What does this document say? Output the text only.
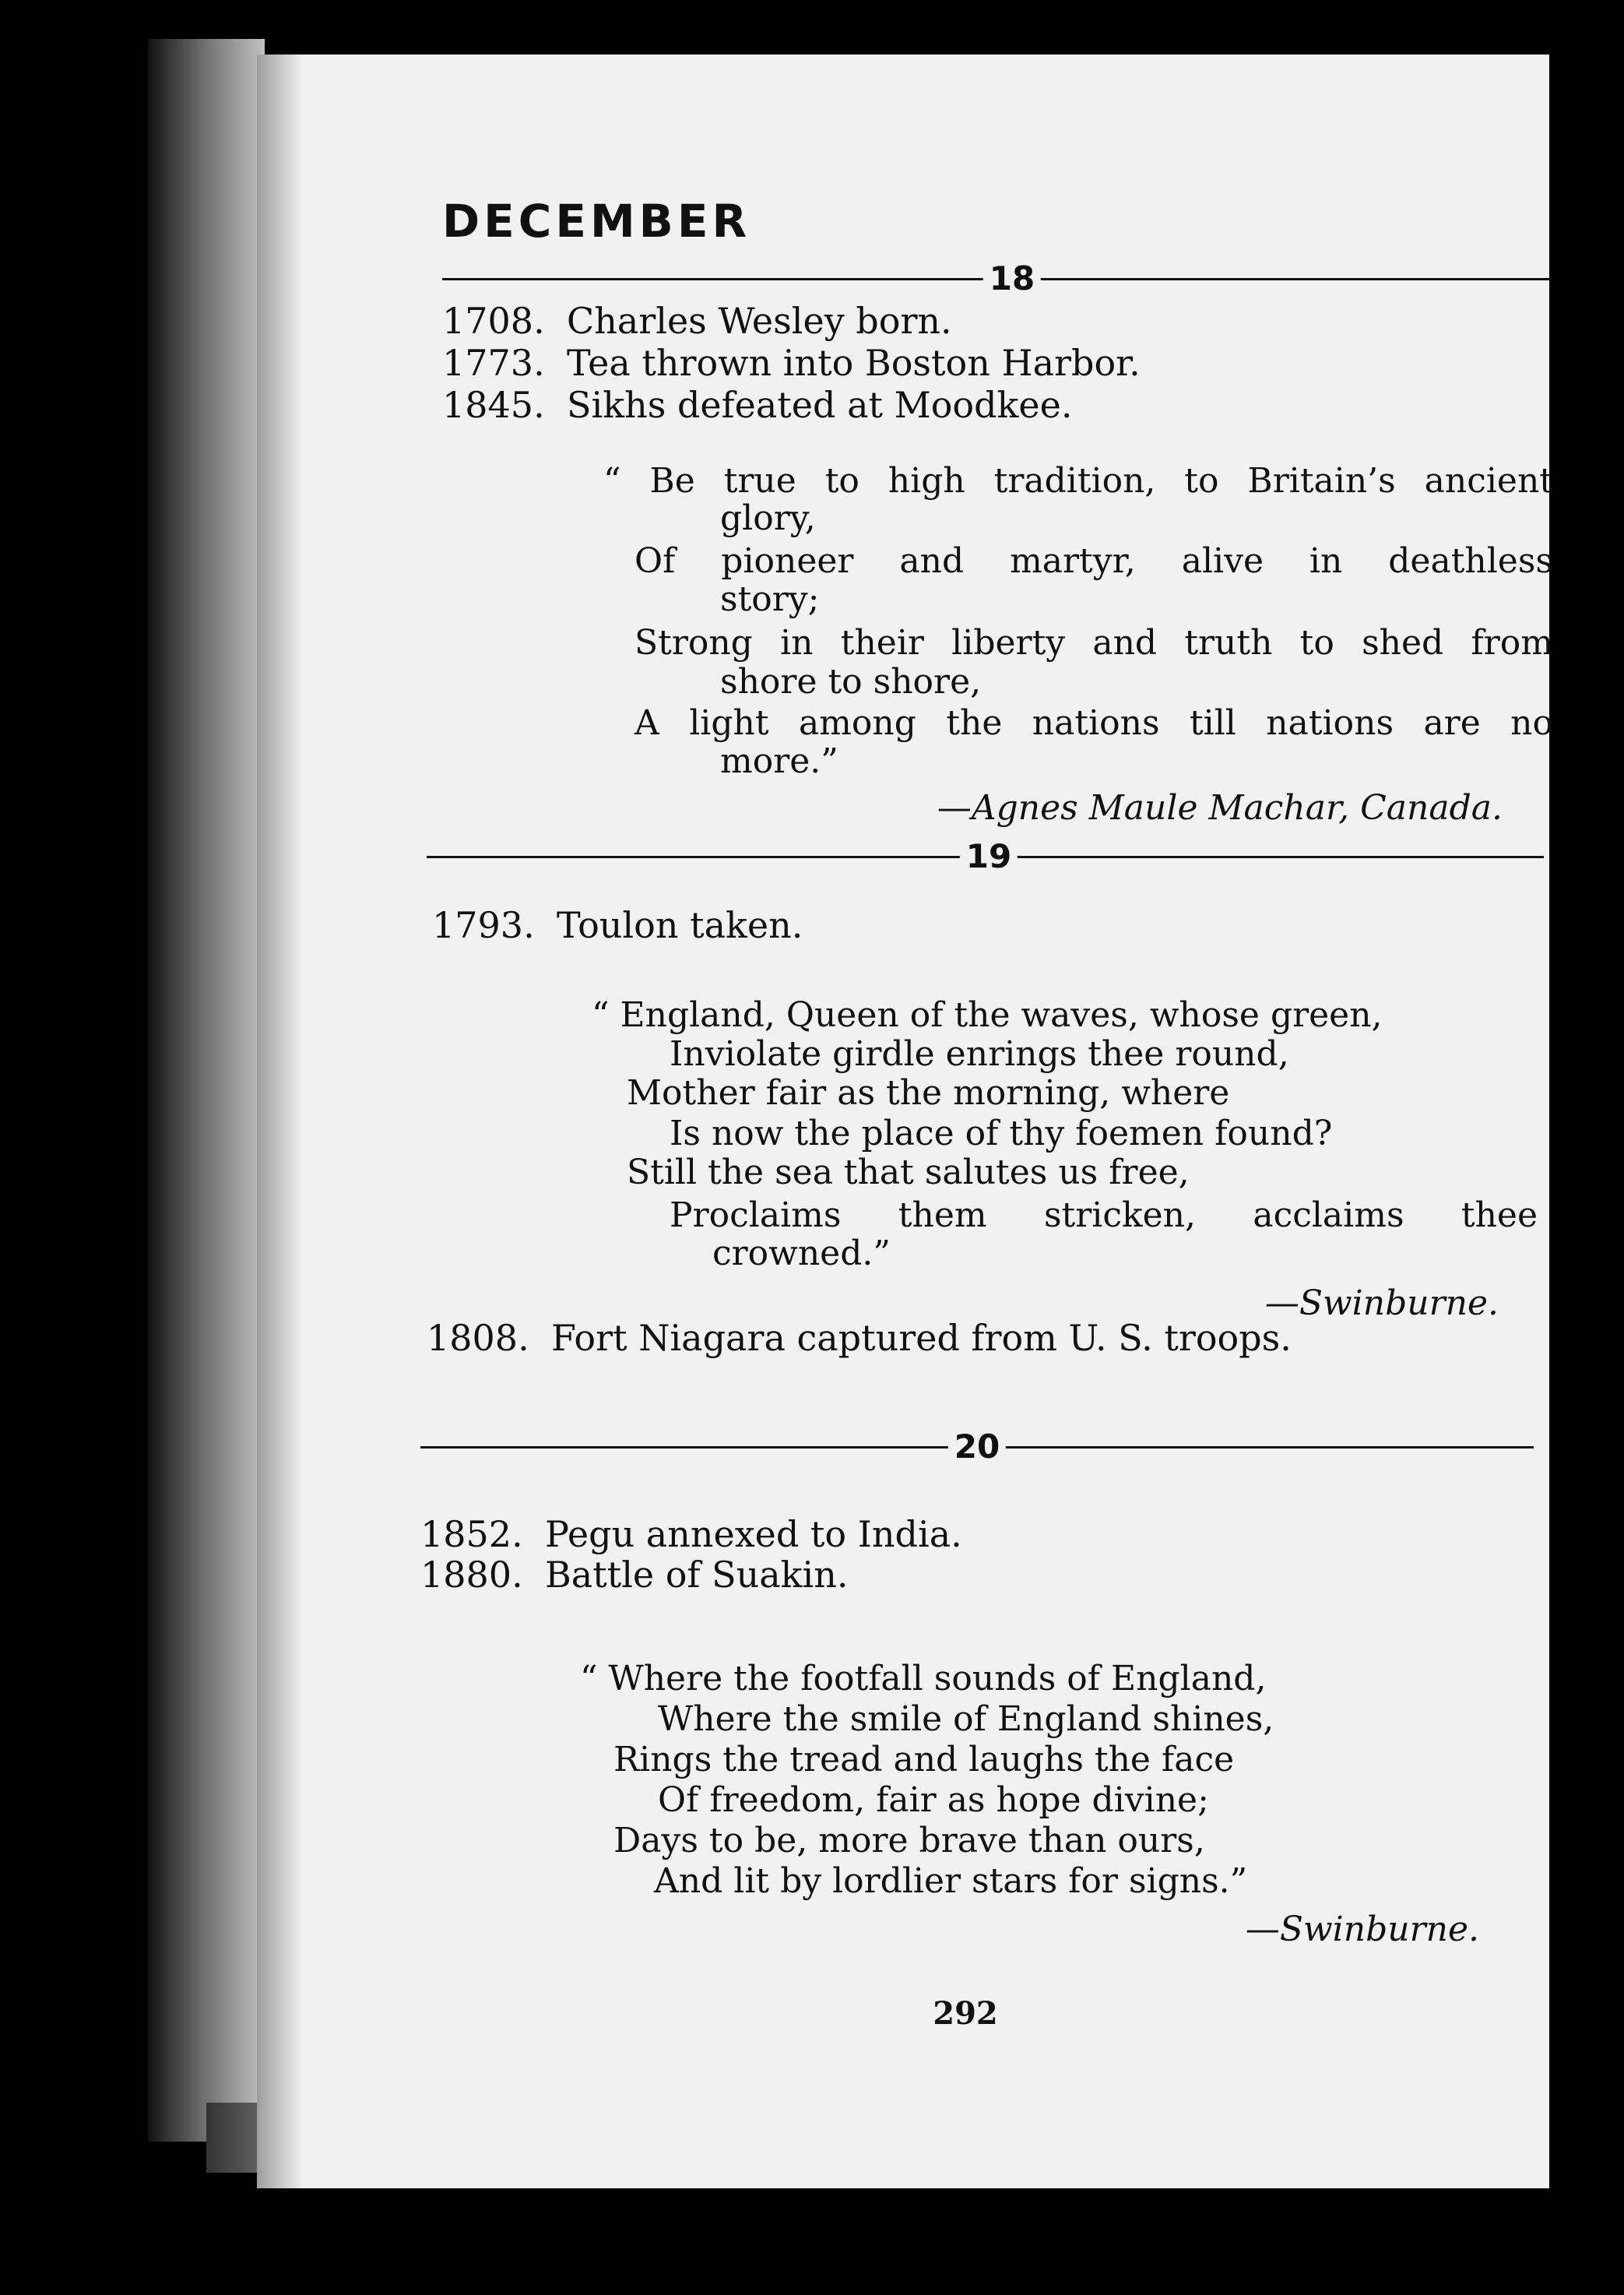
DECEMBER
18
1708. Charles Wesley born.
1773. Tea thrown into Boston Harbor.
1845. Sikhs defeated at Moodkee.
“ Be true to high tradition, to Britain’s ancient
glory,
Of pioneer and martyr, alive in deathless
story;
Strong in their liberty and truth to shed from
shore to shore,
A light among the nations till nations are no
more.”
—Agnes Maule Machar, Canada.
19
1793. Toulon taken.
“ England, Queen of the waves, whose green,
Inviolate girdle enrings thee round,
Mother fair as the morning, where
Is now the place of thy foemen found?
Still the sea that salutes us free,
Proclaims them stricken, acclaims thee
crowned.”
—Swinburne.
1808. Fort Niagara captured from U. S. troops.
20
1852. Pegu annexed to India.
1880. Battle of Suakin.
“ Where the footfall sounds of England,
Where the smile of England shines,
Rings the tread and laughs the face
Of freedom, fair as hope divine;
Days to be, more brave than ours,
And lit by lordlier stars for signs.”
—Swinburne.
292
